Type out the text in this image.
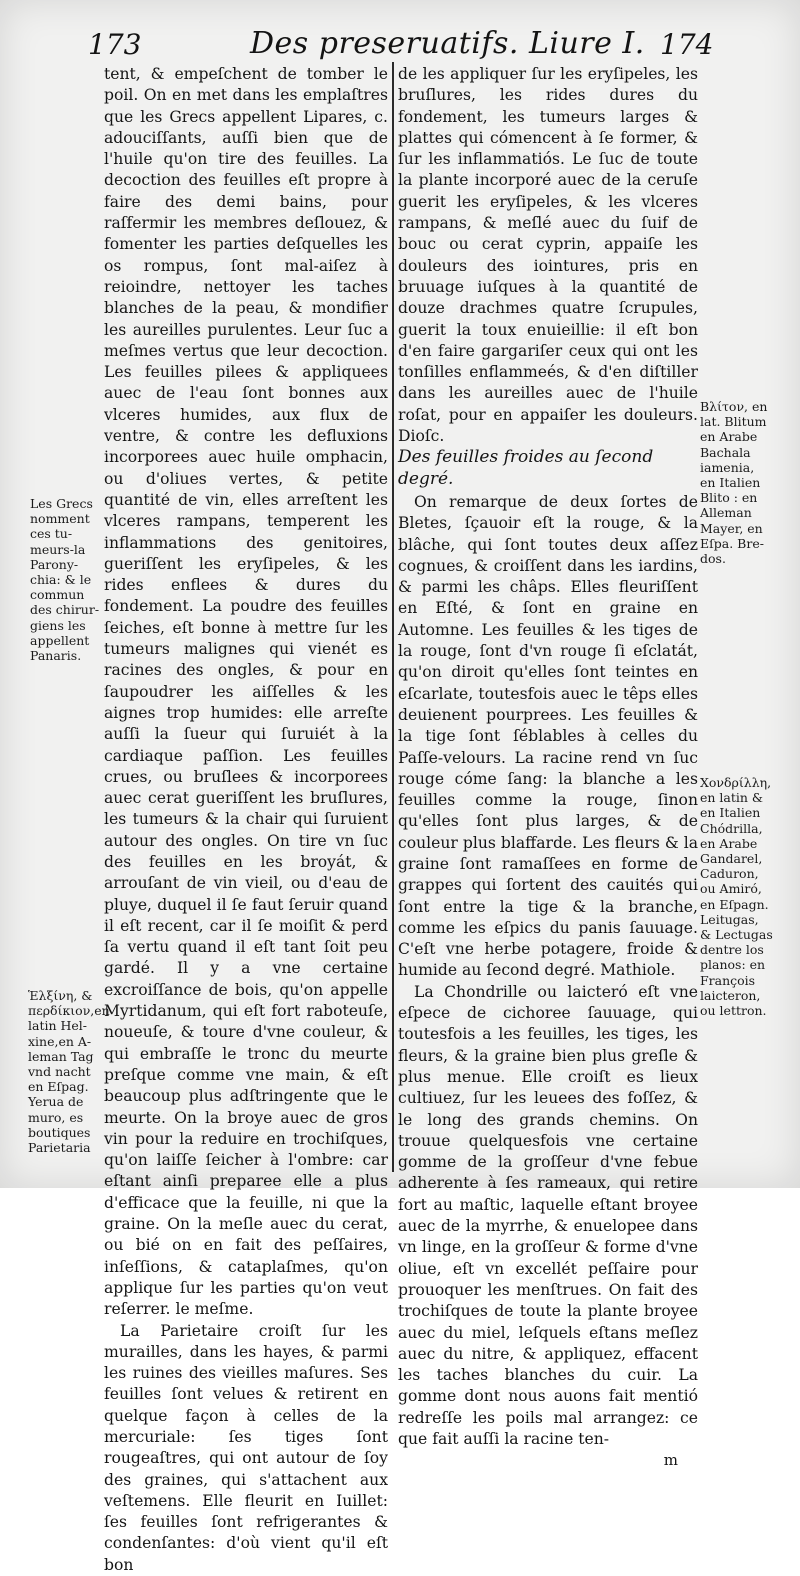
173	Des preseruatifs. Liure I. 174

tent, & empeſchent de tomber le poil. On en met dans les emplaſtres que les Grecs appellent Lipares, c. adouciſſants, auſſi bien que de l'huile qu'on tire des feuilles. La decoction des feuilles eſt propre à faire des demi bains, pour raſfermir les membres deſlouez, & fomenter les parties deſquelles les os rompus, ſont mal-aiſez à reioindre, nettoyer les taches blanches de la peau, & mondifier les aureilles purulentes. Leur ſuc a meſmes vertus que leur decoction. Les feuilles pilees & appliquees auec de l'eau ſont bonnes aux vlceres humides, aux flux de ventre, & contre les defluxions incorporees auec huile omphacin, ou d'oliues vertes, & petite quantité de vin, elles arreſtent les vlceres rampans, temperent les inflammations des genitoires, gueriſſent les eryſipeles, & les rides enflees & dures du fondement. La poudre des feuilles ſeiches, eſt bonne à mettre ſur les tumeurs malignes qui vienét es racines des ongles, & pour en ſaupoudrer les aiſſelles & les aignes trop humides: elle arreſte auſſi la ſueur qui ſuruiét à la cardiaque paſſion. Les feuilles crues, ou bruſlees & incorporees auec cerat gueriſſent les bruſlures, les tumeurs & la chair qui ſuruient autour des ongles. On tire vn ſuc des feuilles en les broyát, & arrouſant de vin vieil, ou d'eau de pluye, duquel il ſe faut ſeruir quand il eſt recent, car il ſe moiſit & perd ſa vertu quand il eſt tant ſoit peu gardé. Il y a vne certaine excroiſſance de bois, qu'on appelle Myrtidanum, qui eſt fort raboteuſe, noueuſe, & toure d'vne couleur, & qui embraſſe le tronc du meurte preſque comme vne main, & eſt beaucoup plus adſtringente que le meurte. On la broye auec de gros vin pour la reduire en trochiſques, qu'on laiſſe ſeicher à l'ombre: car eſtant ainſi preparee elle a plus d'efficace que la feuille, ni que la graine. On la meſle auec du cerat, ou bié on en fait des peſſaires, inſeſſions, & cataplaſmes, qu'on applique ſur les parties qu'on veut reſerrer. le meſme.

La Parietaire croiſt ſur les murailles, dans les hayes, & parmi les ruines des vieilles maſures. Ses feuilles ſont velues & retirent en quelque façon à celles de la mercuriale: ſes tiges ſont rougeaſtres, qui ont autour de ſoy des graines, qui s'attachent aux veſtemens. Elle fleurit en Iuillet: ſes feuilles ſont refrigerantes & condenſantes: d'où vient qu'il eſt bon

de les appliquer ſur les eryſipeles, les bruſlures, les rides dures du fondement, les tumeurs larges & plattes qui cómencent à ſe former, & ſur les inflammatiós. Le ſuc de toute la plante incorporé auec de la ceruſe guerit les eryſipeles, & les vlceres rampans, & meſlé auec du ſuif de bouc ou cerat cyprin, appaiſe les douleurs des iointures, pris en bruuage iuſques à la quantité de douze drachmes quatre ſcrupules, guerit la toux enuieillie: il eſt bon d'en faire gargariſer ceux qui ont les tonſilles enflammeés, & d'en diſtiller dans les aureilles auec de l'huile roſat, pour en appaiſer les douleurs. Dioſc.

Des feuilles froides au ſecond degré.

On remarque de deux ſortes de Bletes, ſçauoir eſt la rouge, & la blâche, qui ſont toutes deux aſſez cognues, & croiſſent dans les iardins, & parmi les châps. Elles fleuriſſent en Eſté, & ſont en graine en Automne. Les feuilles & les tiges de la rouge, ſont d'vn rouge ſi eſclatát, qu'on diroit qu'elles ſont teintes en eſcarlate, toutesfois auec le têps elles deuienent pourprees. Les feuilles & la tige ſont ſéblables à celles du Paſſe-velours. La racine rend vn ſuc rouge cóme ſang: la blanche a les feuilles comme la rouge, ſinon qu'elles ſont plus larges, & de couleur plus blaffarde. Les fleurs & la graine ſont ramaſſees en forme de grappes qui ſortent des cauités qui ſont entre la tige & la branche, comme les eſpics du panis ſauuage. C'eſt vne herbe potagere, froide & humide au ſecond degré. Mathiole.

La Chondrille ou laicteró eſt vne eſpece de cichoree ſauuage, qui toutesfois a les feuilles, les tiges, les fleurs, & la graine bien plus greſle & plus menue. Elle croiſt es lieux cultiuez, ſur les leuees des foſſez, & le long des grands chemins. On trouue quelquesfois vne certaine gomme de la groſſeur d'vne febue adherente à ſes rameaux, qui retire fort au maſtic, laquelle eſtant broyee auec de la myrrhe, & enuelopee dans vn linge, en la groſſeur & forme d'vne oliue, eſt vn excellét peſſaire pour prouoquer les menſtrues. On fait des trochiſques de toute la plante broyee auec du miel, leſquels eſtans meſlez auec du nitre, & appliquez, effacent les taches blanches du cuir. La gomme dont nous auons fait mentió redreſſe les poils mal arrangez: ce que fait auſſi la racine ten-

m

Les Grecs
nomment
ces tu-
meurs-la
Parony-
chia: & le
commun
des chirur-
giens les
appellent
Panaris.
Ἑλξίνη, &
περδίκιον,en
latin Hel-
xine,en A-
leman Tag
vnd nacht
en Eſpag.
Yerua de
muro, es
boutiques
Parietaria
Βλίτον, en
lat. Blitum
en Arabe
Bachala
iamenia,
en Italien
Blito : en
Alleman
Mayer, en
Eſpa. Bre-
dos.
Χονδρίλλη,
en latin &
en Italien
Chódrilla,
en Arabe
Gandarel,
Caduron,
ou Amiró,
en Eſpagn.
Leitugas,
& Lectugas
dentre los
planos: en
François
laicteron,
ou lettron.
